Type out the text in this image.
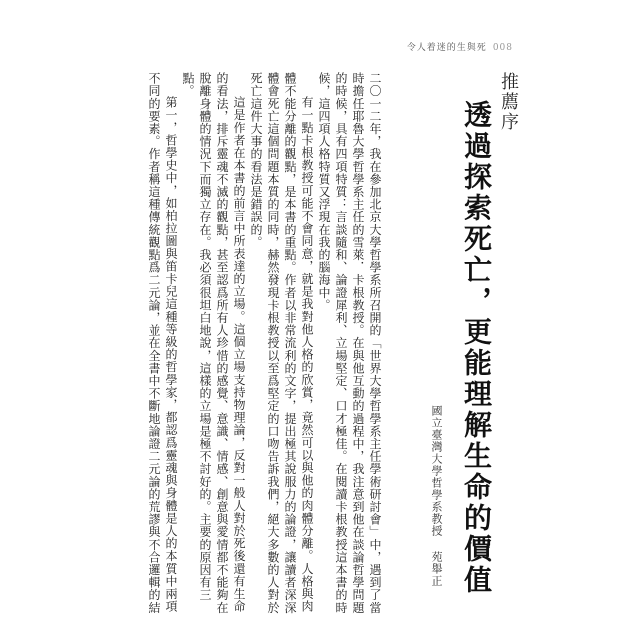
令人着迷的生與死 008
推薦序
透過探索死亡，更能理解生命的價值
國立臺灣大學哲學系教授苑舉正

二〇一二年，我在參加北京大學哲學系所召開的「世界大學哲學系主任學術研討會」中，遇到了當時擔任耶魯大學哲學系主任的雪萊．卡根教授。在與他互動的過程中，我注意到他在談論哲學問題的時候，具有四項特質：言談隨和、論證犀利、立場堅定、口才極佳。在閱讀卡根教授這本書的時候，這四項人格特質又浮現在我的腦海中。

有一點卡根教授可能不會同意，就是我對他人格的欣賞，竟然可以與他的肉體分離。人格與肉體不能分離的觀點，是本書的重點。作者以非常流利的文字，提出極其說服力的論證，讓讀者深深體會死亡這個問題本質的同時，赫然發現卡根教授以至爲堅定的口吻告訴我們，絕大多數的人對於死亡這件大事的看法是錯誤的。

這是作者在本書的前言中所表達的立場。這個立場支持物理論，反對一般人對於死後還有生命的看法，排斥靈魂不滅的觀點，甚至認爲所有人珍惜的感覺、意識、情感、創意與愛情都不能夠在脫離身體的情況下而獨立存在。我必須很坦白地說，這樣的立場是極不討好的。主要的原因有三點。

第一，哲學史中，如柏拉圖與笛卡兒這種等級的哲學家，都認爲靈魂與身體是人的本質中兩項不同的要素。作者稱這種傳統觀點爲二元論，並在全書中不斷地論證二元論的荒謬與不合邏輯的結
